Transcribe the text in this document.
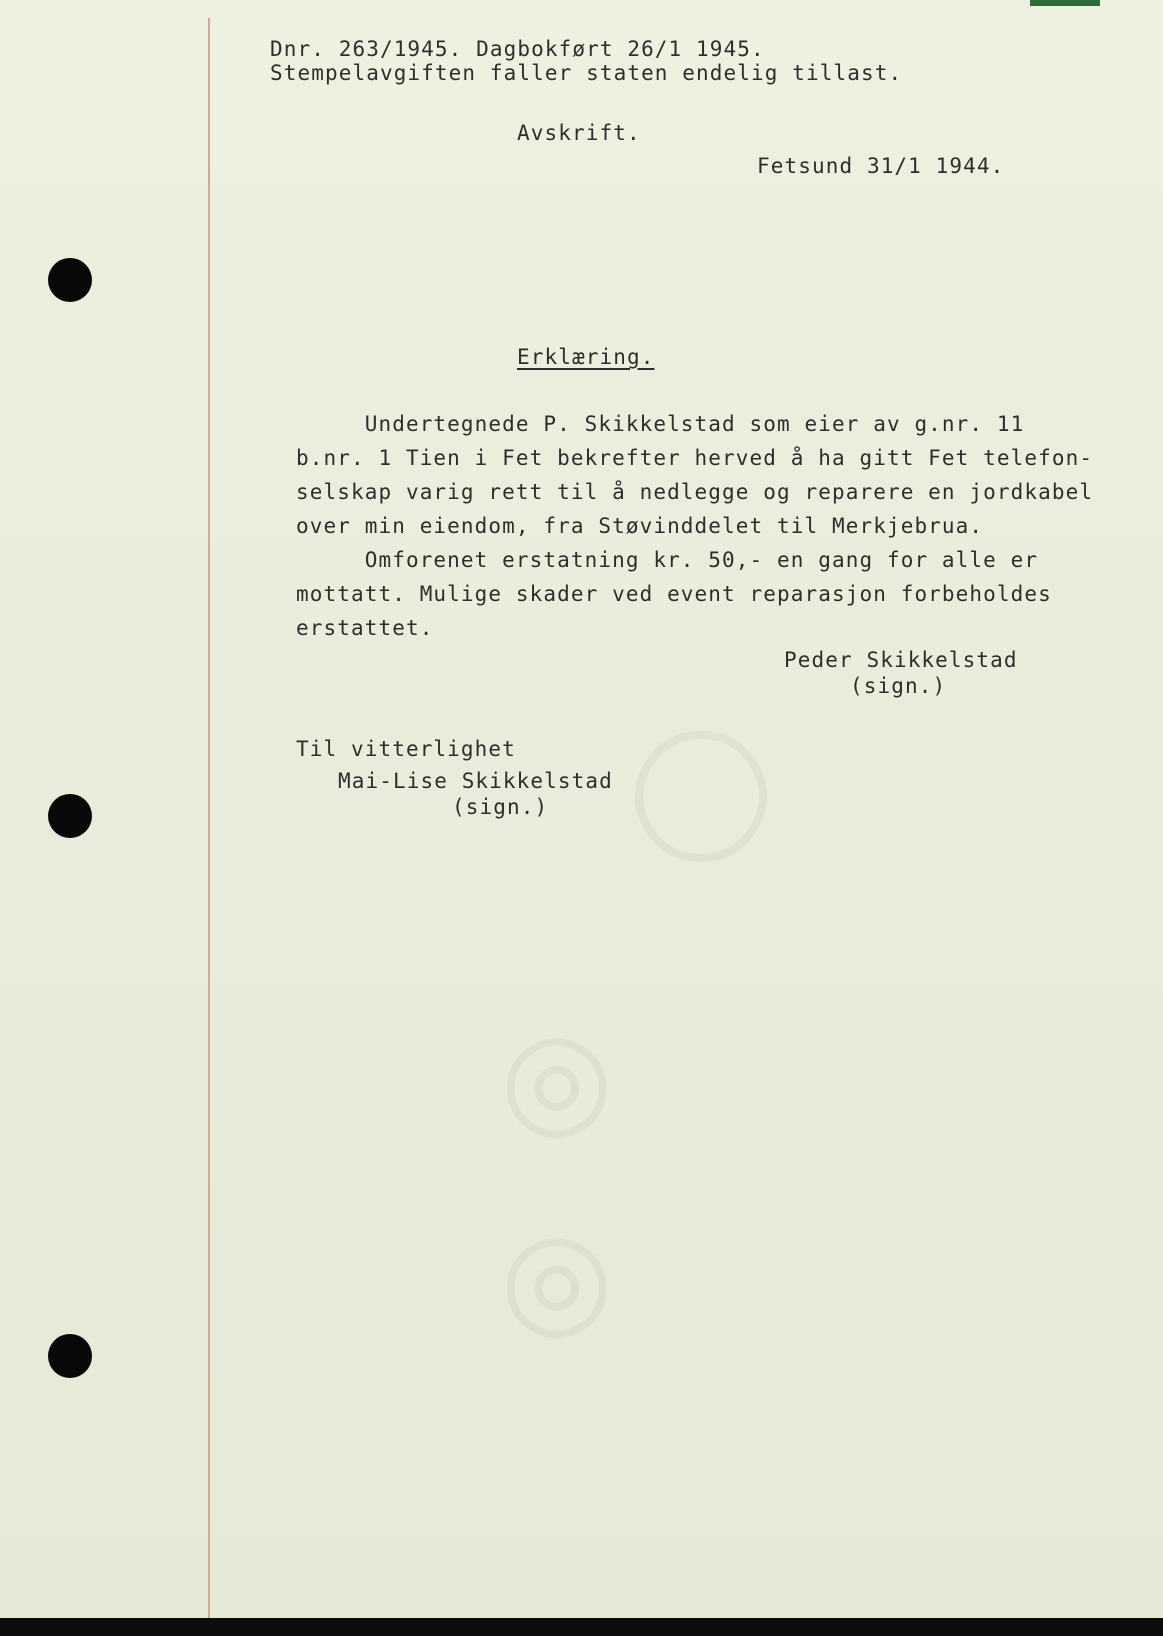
Dnr. 263/1945. Dagbokført 26/1 1945.
Stempelavgiften faller staten endelig tillast.
Avskrift.
Fetsund 31/1 1944.
Erklæring.
Undertegnede P. Skikkelstad som eier av g.nr. 11
b.nr. 1 Tien i Fet bekrefter herved å ha gitt Fet telefon-
selskap varig rett til å nedlegge og reparere en jordkabel
over min eiendom, fra Støvinddelet til Merkjebrua.
Omforenet erstatning kr. 50,- en gang for alle er
mottatt. Mulige skader ved event reparasjon forbeholdes
erstattet.
Peder Skikkelstad
(sign.)
Til vitterlighet
Mai-Lise Skikkelstad
(sign.) ◯
◎
◎
